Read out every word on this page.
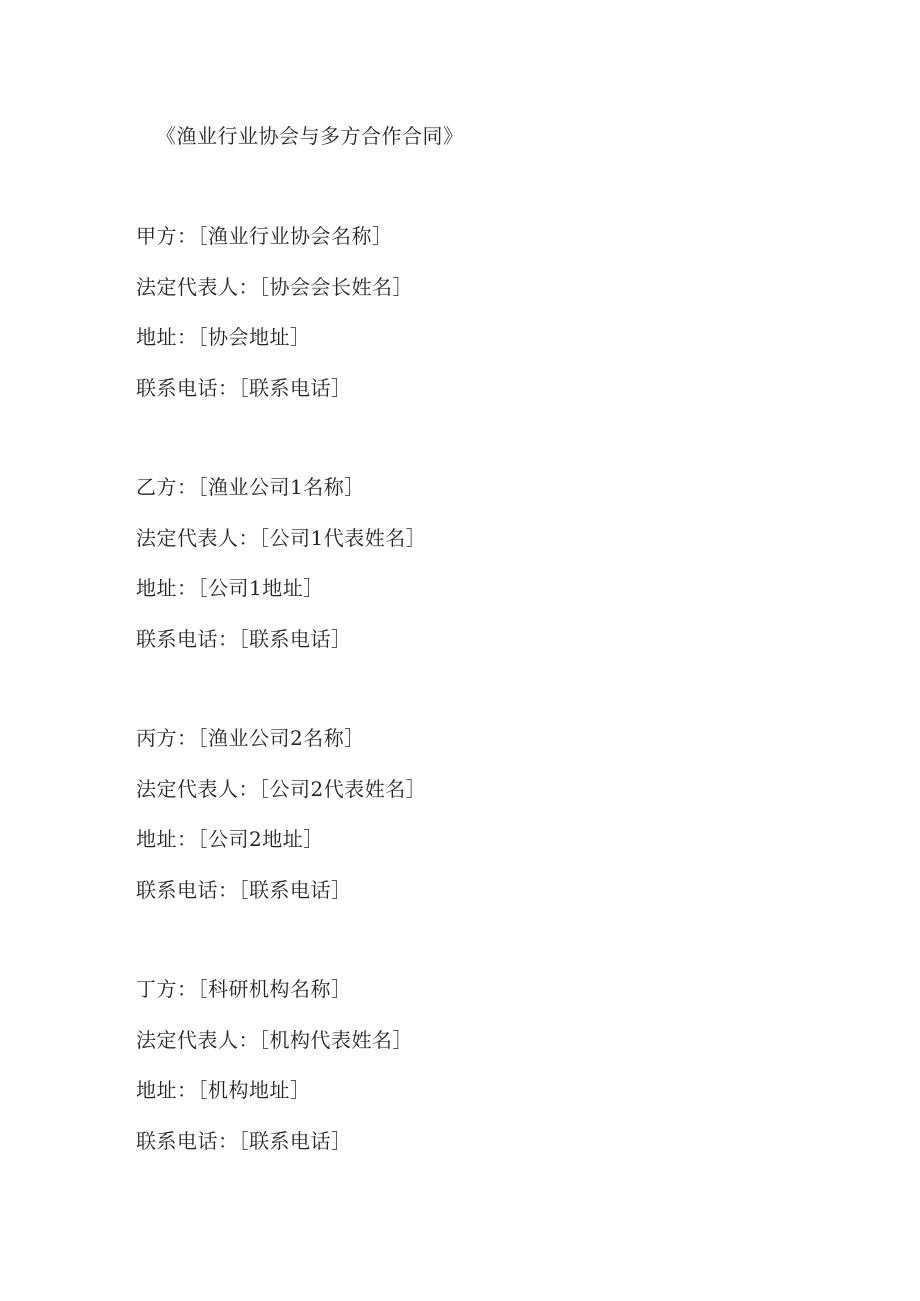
《渔业行业协会与多方合作合同》
甲方：［渔业行业协会名称］
法定代表人：［协会会长姓名］
地址：［协会地址］
联系电话：［联系电话］
乙方：［渔业公司1名称］
法定代表人：［公司1代表姓名］
地址：［公司1地址］
联系电话：［联系电话］
丙方：［渔业公司2名称］
法定代表人：［公司2代表姓名］
地址：［公司2地址］
联系电话：［联系电话］
丁方：［科研机构名称］
法定代表人：［机构代表姓名］
地址：［机构地址］
联系电话：［联系电话］
